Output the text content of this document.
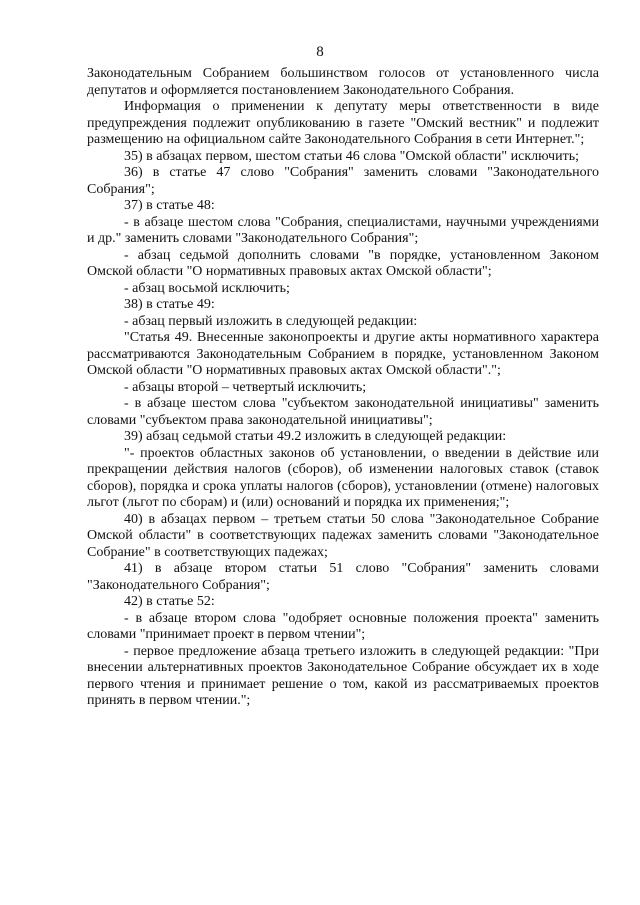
8

Законодательным Собранием большинством голосов от установленного числа депутатов и оформляется постановлением Законодательного Собрания.

Информация о применении к депутату меры ответственности в виде предупреждения подлежит опубликованию в газете "Омский вестник" и подлежит размещению на официальном сайте Законодательного Собрания в сети Интернет.";

35) в абзацах первом, шестом статьи 46 слова "Омской области" исключить;

36) в статье 47 слово "Собрания" заменить словами "Законодательного Собрания";

37) в статье 48:

- в абзаце шестом слова "Собрания, специалистами, научными учреждениями и др." заменить словами "Законодательного Собрания";

- абзац седьмой дополнить словами "в порядке, установленном Законом Омской области "О нормативных правовых актах Омской области";

- абзац восьмой исключить;

38) в статье 49:

- абзац первый изложить в следующей редакции:

"Статья 49. Внесенные законопроекты и другие акты нормативного характера рассматриваются Законодательным Собранием в порядке, установленном Законом Омской области "О нормативных правовых актах Омской области".";

- абзацы второй – четвертый исключить;

- в абзаце шестом слова "субъектом законодательной инициативы" заменить словами "субъектом права законодательной инициативы";

39) абзац седьмой статьи 49.2 изложить в следующей редакции:

"- проектов областных законов об установлении, о введении в действие или прекращении действия налогов (сборов), об изменении налоговых ставок (ставок сборов), порядка и срока уплаты налогов (сборов), установлении (отмене) налоговых льгот (льгот по сборам) и (или) оснований и порядка их применения;";

40) в абзацах первом – третьем статьи 50 слова "Законодательное Собрание Омской области" в соответствующих падежах заменить словами "Законодательное Собрание" в соответствующих падежах;

41) в абзаце втором статьи 51 слово "Собрания" заменить словами "Законодательного Собрания";

42) в статье 52:

- в абзаце втором слова "одобряет основные положения проекта" заменить словами "принимает проект в первом чтении";

- первое предложение абзаца третьего изложить в следующей редакции: "При внесении альтернативных проектов Законодательное Собрание обсуждает их в ходе первого чтения и принимает решение о том, какой из рассматриваемых проектов принять в первом чтении.";
